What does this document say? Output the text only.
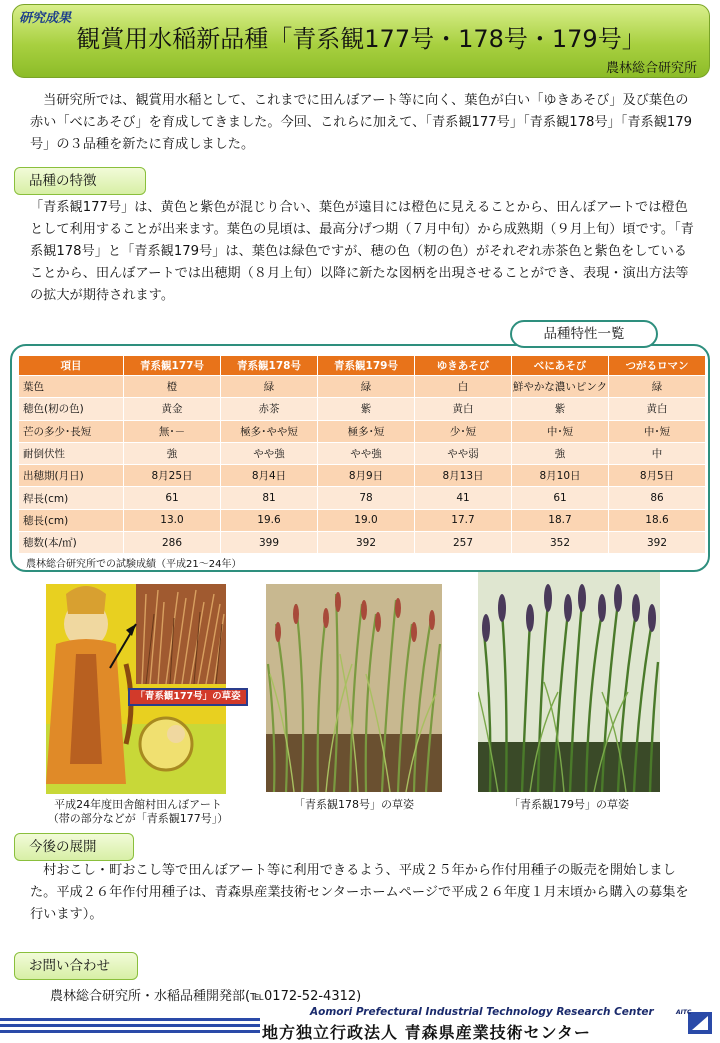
研究成果
観賞用水稲新品種「青系観177号・178号・179号」
農林総合研究所
　当研究所では、観賞用水稲として、これまでに田んぼアート等に向く、葉色が白い「ゆきあそび」及び葉色の赤い「べにあそび」を育成してきました。今回、これらに加えて、「青系観177号」「青系観178号」「青系観179号」の３品種を新たに育成しました。
品種の特徴
「青系観177号」は、黄色と紫色が混じり合い、葉色が遠目には橙色に見えることから、田んぼアートでは橙色として利用することが出来ます。葉色の見頃は、最高分げつ期（７月中旬）から成熟期（９月上旬）頃です。「青系観178号」と「青系観179号」は、葉色は緑色ですが、穂の色（籾の色）がそれぞれ赤茶色と紫色をしていることから、田んぼアートでは出穂期（８月上旬）以降に新たな図柄を出現させることができ、表現・演出方法等の拡大が期待されます。
品種特性一覧
項目	青系観177号	青系観178号	青系観179号	ゆきあそび	べにあそび	つがるロマン
葉色	橙	緑	緑	白	鮮やかな濃いピンク	緑
穂色(籾の色)	黄金	赤茶	紫	黄白	紫	黄白
芒の多少･長短	無･－	極多･やや短	極多･短	少･短	中･短	中･短
耐倒伏性	強	やや強	やや強	やや弱	強	中
出穂期(月日)	8月25日	8月4日	8月9日	8月13日	8月10日	8月5日
稈長(cm)	61	81	78	41	61	86
穂長(cm)	13.0	19.6	19.0	17.7	18.7	18.6
穂数(本/㎡)	286	399	392	257	352	392
農林総合研究所での試験成績（平成21～24年）
「青系観177号」の草姿
平成24年度田舎館村田んぼアート
（帯の部分などが「青系観177号」）
「青系観178号」の草姿	「青系観179号」の草姿
今後の展開
　村おこし・町おこし等で田んぼアート等に利用できるよう、平成２５年から作付用種子の販売を開始しました。平成２６年作付用種子は、青森県産業技術センターホームページで平成２６年度１月末頃から購入の募集を行います）。
お問い合わせ
農林総合研究所・水稲品種開発部(℡0172-52-4312)
Aomori Prefectural Industrial Technology Research Center
地方独立行政法人 青森県産業技術センター
AITC
